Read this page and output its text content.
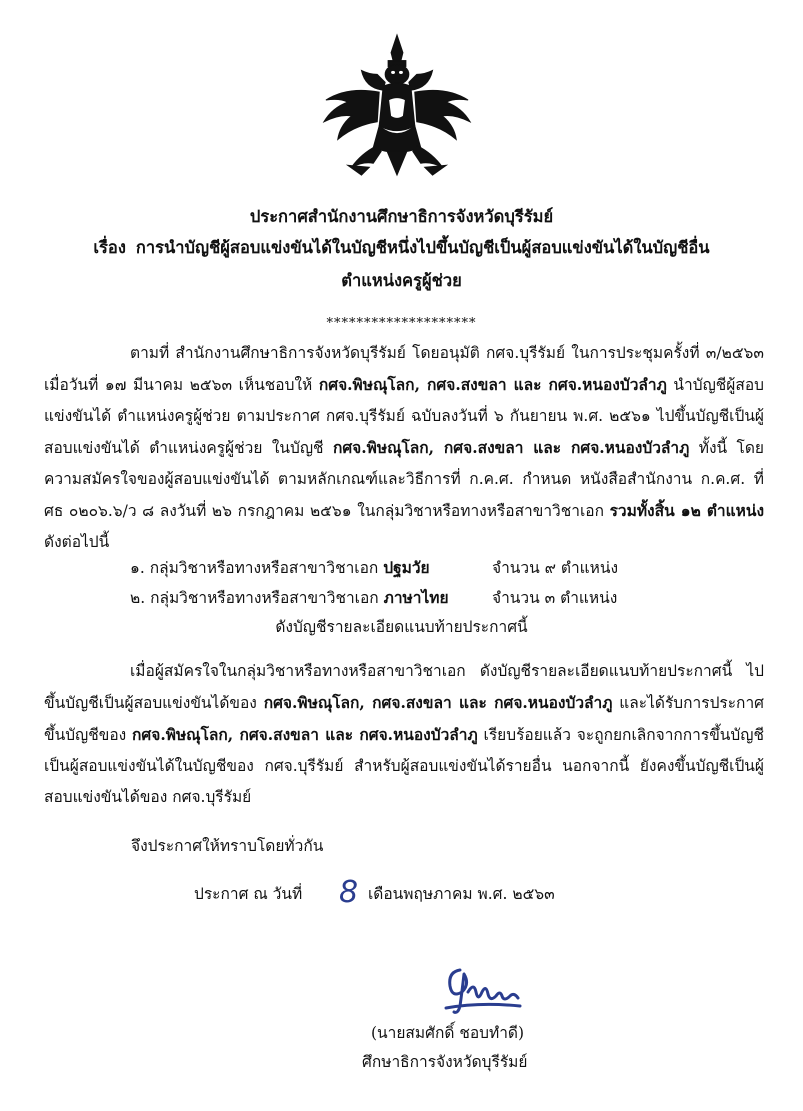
ประกาศสำนักงานศึกษาธิการจังหวัดบุรีรัมย์
เรื่อง การนำบัญชีผู้สอบแข่งขันได้ในบัญชีหนึ่งไปขึ้นบัญชีเป็นผู้สอบแข่งขันได้ในบัญชีอื่น
ตำแหน่งครูผู้ช่วย
********************
ตามที่ สำนักงานศึกษาธิการจังหวัดบุรีรัมย์ โดยอนุมัติ กศจ.บุรีรัมย์ ในการประชุมครั้งที่ ๓/๒๕๖๓ เมื่อวันที่ ๑๗ มีนาคม ๒๕๖๓ เห็นชอบให้ กศจ.พิษณุโลก, กศจ.สงขลา และ กศจ.หนองบัวลำภู นำบัญชีผู้สอบแข่งขันได้ ตำแหน่งครูผู้ช่วย ตามประกาศ กศจ.บุรีรัมย์ ฉบับลงวันที่ ๖ กันยายน พ.ศ. ๒๕๖๑ ไปขึ้นบัญชีเป็นผู้สอบแข่งขันได้ ตำแหน่งครูผู้ช่วย ในบัญชี กศจ.พิษณุโลก, กศจ.สงขลา และ กศจ.หนองบัวลำภู ทั้งนี้ โดยความสมัครใจของผู้สอบแข่งขันได้ ตามหลักเกณฑ์และวิธีการที่ ก.ค.ศ. กำหนด หนังสือสำนักงาน ก.ค.ศ. ที่ ศธ ๐๒๐๖.๖/ว ๘ ลงวันที่ ๒๖ กรกฎาคม ๒๕๖๑ ในกลุ่มวิชาหรือทางหรือสาขาวิชาเอก รวมทั้งสิ้น ๑๒ ตำแหน่ง ดังต่อไปนี้
๑. กลุ่มวิชาหรือทางหรือสาขาวิชาเอก ปฐมวัย	จำนวน ๙ ตำแหน่ง
๒. กลุ่มวิชาหรือทางหรือสาขาวิชาเอก ภาษาไทย	จำนวน ๓ ตำแหน่ง
ดังบัญชีรายละเอียดแนบท้ายประกาศนี้
เมื่อผู้สมัครใจในกลุ่มวิชาหรือทางหรือสาขาวิชาเอก ดังบัญชีรายละเอียดแนบท้ายประกาศนี้ ไปขึ้นบัญชีเป็นผู้สอบแข่งขันได้ของ กศจ.พิษณุโลก, กศจ.สงขลา และ กศจ.หนองบัวลำภู และได้รับการประกาศขึ้นบัญชีของ กศจ.พิษณุโลก, กศจ.สงขลา และ กศจ.หนองบัวลำภู เรียบร้อยแล้ว จะถูกยกเลิกจากการขึ้นบัญชีเป็นผู้สอบแข่งขันได้ในบัญชีของ กศจ.บุรีรัมย์ สำหรับผู้สอบแข่งขันได้รายอื่น นอกจากนี้ ยังคงขึ้นบัญชีเป็นผู้สอบแข่งขันได้ของ กศจ.บุรีรัมย์
จึงประกาศให้ทราบโดยทั่วกัน
ประกาศ ณ วันที่ 8 เดือนพฤษภาคม พ.ศ. ๒๕๖๓
(นายสมศักดิ์ ชอบทำดี)
ศึกษาธิการจังหวัดบุรีรัมย์
